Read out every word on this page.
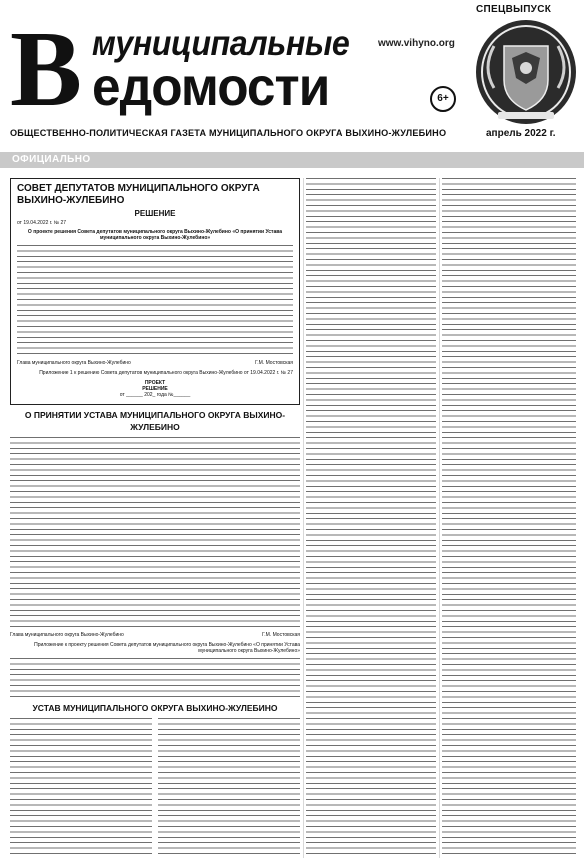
СПЕЦВЫПУСК
В муниципальные	www.vihyno.org
едомости	6+
ОБЩЕСТВЕННО-ПОЛИТИЧЕСКАЯ ГАЗЕТА МУНИЦИПАЛЬНОГО ОКРУГА ВЫХИНО-ЖУЛЕБИНО	апрель 2022 г.
ОФИЦИАЛЬНО
СОВЕТ ДЕПУТАТОВ МУНИЦИПАЛЬНОГО ОКРУГА ВЫХИНО-ЖУЛЕБИНО
РЕШЕНИЕ
от 19.04.2022 г. № 27
О проекте решения Совета депутатов муниципального округа Выхино-Жулебино «О принятии Устава муниципального округа Выхино-Жулебино»
Глава муниципального округа Выхино-Жулебино	Г.М. Мостовская
Приложение 1 к решению Совета депутатов муниципального округа Выхино-Жулебино от 19.04.2022 г. № 27
ПРОЕКТ
РЕШЕНИЕ
от ______ 202_ года №______
О ПРИНЯТИИ УСТАВА МУНИЦИПАЛЬНОГО ОКРУГА ВЫХИНО-ЖУЛЕБИНО
Глава муниципального округа Выхино-Жулебино	Г.М. Мостовская
Приложение к проекту решения Совета депутатов муниципального округа Выхино-Жулебино «О принятии Устава муниципального округа Выхино-Жулебино»
УСТАВ МУНИЦИПАЛЬНОГО ОКРУГА ВЫХИНО-ЖУЛЕБИНО
